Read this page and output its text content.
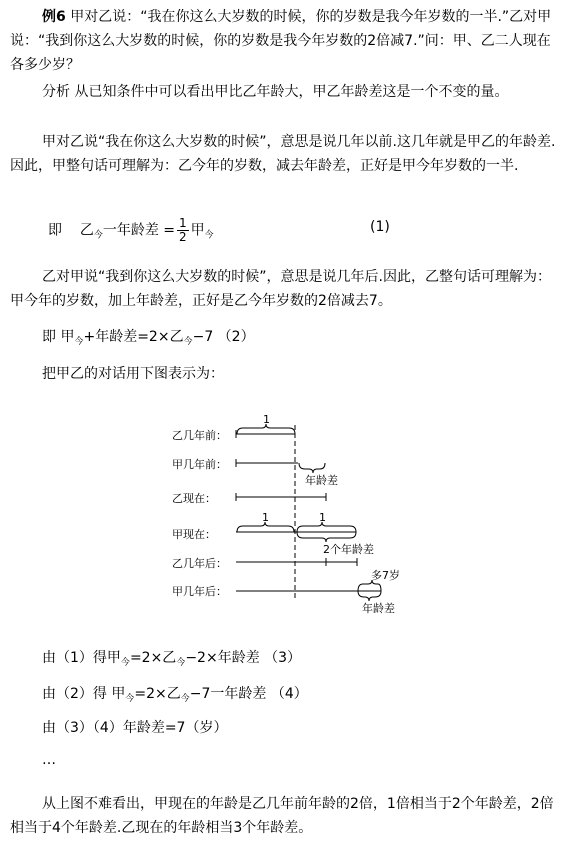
例6 甲对乙说：“我在你这么大岁数的时候，你的岁数是我今年岁数的一半.”乙对甲说：“我到你这么大岁数的时候，你的岁数是我今年岁数的2倍减7.”问：甲、乙二人现在各多少岁？

分析 从已知条件中可以看出甲比乙年龄大，甲乙年龄差这是一个不变的量。

甲对乙说“我在你这么大岁数的时候”，意思是说几年以前.这几年就是甲乙的年龄差.因此，甲整句话可理解为：乙今年的岁数，减去年龄差，正好是甲今年岁数的一半.

即 乙$_今$一年龄差 = $\frac{1}{2}$ 甲$_今$
(1)

乙对甲说“我到你这么大岁数的时候”，意思是说几年后.因此，乙整句话可理解为：甲今年的岁数，加上年龄差，正好是乙今年岁数的2倍减去7。

即 甲$_今$+年龄差=2×乙$_今$−7 （2）

把甲乙的对话用下图表示为：

乙几年前：
甲几年前：
乙现在：
甲现在：
乙几年后：
甲几年后：
1
年龄差
1	1
2个年龄差
多7岁
年龄差

由（1）得甲$_今$=2×乙$_今$−2×年龄差 （3）

由（2）得 甲$_今$=2×乙$_今$−7一年龄差 （4）

由（3）（4）年龄差=7（岁）

…

从上图不难看出，甲现在的年龄是乙几年前年龄的2倍，1倍相当于2个年龄差，2倍相当于4个年龄差.乙现在的年龄相当3个年龄差。
